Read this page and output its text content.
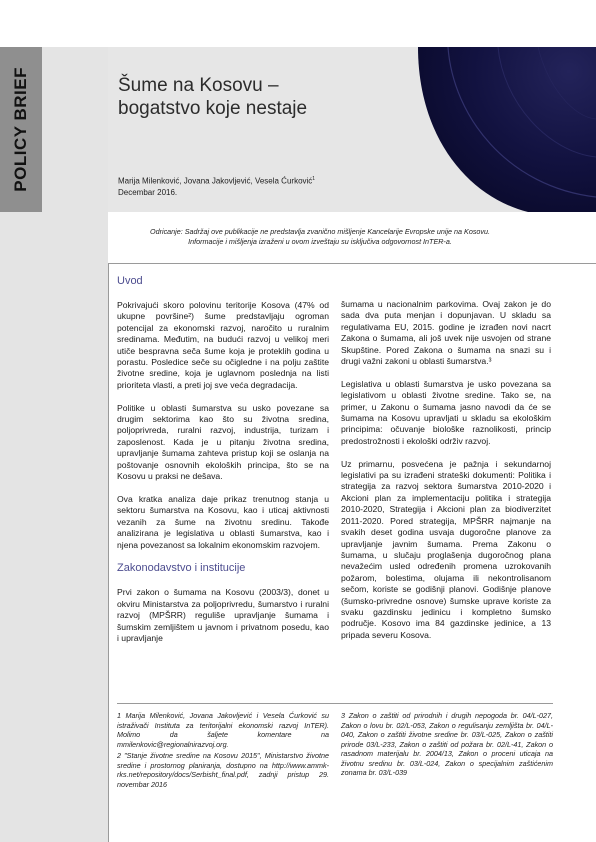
POLICY BRIEF	Šume na Kosovu –
bogatstvo koje nestaje
Marija Milenković, Jovana Jakovljević, Vesela Ćurković$^1$
Decembar 2016.
Odricanje: Sadržaj ove publikacije ne predstavlja zvanično mišljenje Kancelarije Evropske unije na Kosovu.
Informacije i mišljenja izraženi u ovom izveštaju su isključiva odgovornost InTER-a.
Uvod

Pokrivajući skoro polovinu teritorije Kosova (47% od ukupne površine²) šume predstavljaju ogroman potencijal za ekonomski razvoj, naročito u ruralnim sredinama. Međutim, na budući razvoj u velikoj meri utiče bespravna seča šume koja je proteklih godina u porastu. Posledice seče su očigledne i na polju zaštite životne sredine, koja je uglavnom poslednja na listi prioriteta vlasti, a preti joj sve veća degradacija.

Politike u oblasti šumarstva su usko povezane sa drugim sektorima kao što su životna sredina, poljoprivreda, ruralni razvoj, industrija, turizam i zaposlenost. Kada je u pitanju životna sredina, upravljanje šumama zahteva pristup koji se oslanja na poštovanje osnovnih ekoloških principa, što se na Kosovu u praksi ne dešava.

Ova kratka analiza daje prikaz trenutnog stanja u sektoru šumarstva na Kosovu, kao i uticaj aktivnosti vezanih za šume na životnu sredinu. Takođe analizirana je legislativa u oblasti šumarstva, kao i njena povezanost sa lokalnim ekonomskim razvojem.

Zakonodavstvo i institucije

Prvi zakon o šumama na Kosovu (2003/3), donet u okviru Ministarstva za poljoprivredu, šumarstvo i ruralni razvoj (MPŠRR) reguliše upravljanje šumama i šumskim zemljištem u javnom i privatnom posedu, kao i upravljanje

šumama u nacionalnim parkovima. Ovaj zakon je do sada dva puta menjan i dopunjavan. U skladu sa regulativama EU, 2015. godine je izrađen novi nacrt Zakona o šumama, ali još uvek nije usvojen od strane Skupštine. Pored Zakona o šumama na snazi su i drugi važni zakoni u oblasti šumarstva.³

Legislativa u oblasti šumarstva je usko povezana sa legislativom u oblasti životne sredine. Tako se, na primer, u Zakonu o šumama jasno navodi da će se šumama na Kosovu upravljati u skladu sa ekološkim principima: očuvanje biološke raznolikosti, princip predostrožnosti i ekološki održiv razvoj.

Uz primarnu, posvećena je pažnja i sekundarnoj legislativi pa su izrađeni strateški dokumenti: Politika i strategija za razvoj sektora šumarstva 2010-2020 i Akcioni plan za implementaciju politika i strategija 2010-2020, Strategija i Akcioni plan za biodiverzitet 2011-2020. Pored strategija, MPŠRR najmanje na svakih deset godina usvaja dugoročne planove za upravljanje javnim šumama. Prema Zakonu o šumama, u slučaju proglašenja dugoročnog plana nevažećim usled određenih promena uzrokovanih požarom, bolestima, olujama ili nekontrolisanom sečom, koriste se godišnji planovi. Godišnje planove (šumsko-privredne osnove) šumske uprave koriste za svaku gazdinsku jedinicu i kompletno šumsko područje. Kosovo ima 84 gazdinske jedinice, a 13 pripada severu Kosova.

1 Marija Milenković, Jovana Jakovljević i Vesela Ćurković su istraživači Instituta za teritorijalni ekonomski razvoj InTER). Molimo da šaljete komentare na mmilenkovic@regionalnirazvoj.org.

2 "Stanje životne sredine na Kosovu 2015", Ministarstvo životne sredine i prostornog planiranja, dostupno na http://www.ammk-rks.net/repository/docs/Serbisht_final.pdf, zadnji pristup 29. novembar 2016

3 Zakon o zaštiti od prirodnih i drugih nepogoda br. 04/L-027, Zakon o lovu br. 02/L-053, Zakon o regulisanju zemljišta br. 04/L-040, Zakon o zaštiti životne sredine br. 03/L-025, Zakon o zaštiti prirode 03/L-233, Zakon o zaštiti od požara br. 02/L-41, Zakon o rasadnom materijalu br. 2004/13, Zakon o proceni uticaja na životnu sredinu br. 03/L-024, Zakon o specijalnim zaštićenim zonama br. 03/L-039
